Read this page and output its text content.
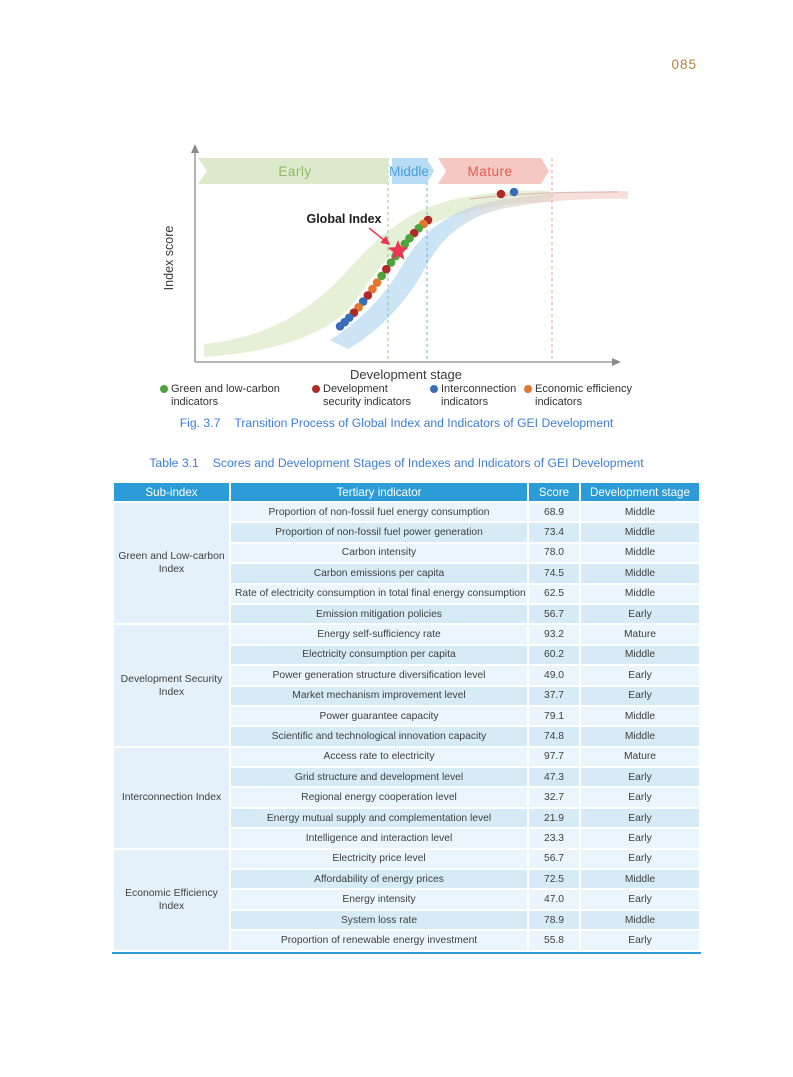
085
Early	Middle	Mature
Index score
Development stage
Global Index
Green and low-carbon
indicators
Development
security indicators
Interconnection
indicators
Economic efficiency
indicators
Fig. 3.7 Transition Process of Global Index and Indicators of GEI Development
Table 3.1 Scores and Development Stages of Indexes and Indicators of GEI Development
Sub-index	Tertiary indicator	Score	Development stage
Green and Low-carbon Index	Proportion of non-fossil fuel energy consumption	68.9	Middle
	Proportion of non-fossil fuel power generation	73.4	Middle
	Carbon intensity	78.0	Middle
	Carbon emissions per capita	74.5	Middle
	Rate of electricity consumption in total final energy consumption	62.5	Middle
	Emission mitigation policies	56.7	Early
Development Security Index	Energy self-sufficiency rate	93.2	Mature
	Electricity consumption per capita	60.2	Middle
	Power generation structure diversification level	49.0	Early
	Market mechanism improvement level	37.7	Early
	Power guarantee capacity	79.1	Middle
	Scientific and technological innovation capacity	74.8	Middle
Interconnection Index	Access rate to electricity	97.7	Mature
	Grid structure and development level	47.3	Early
	Regional energy cooperation level	32.7	Early
	Energy mutual supply and complementation level	21.9	Early
	Intelligence and interaction level	23.3	Early
Economic Efficiency Index	Electricity price level	56.7	Early
	Affordability of energy prices	72.5	Middle
	Energy intensity	47.0	Early
	System loss rate	78.9	Middle
	Proportion of renewable energy investment	55.8	Early
